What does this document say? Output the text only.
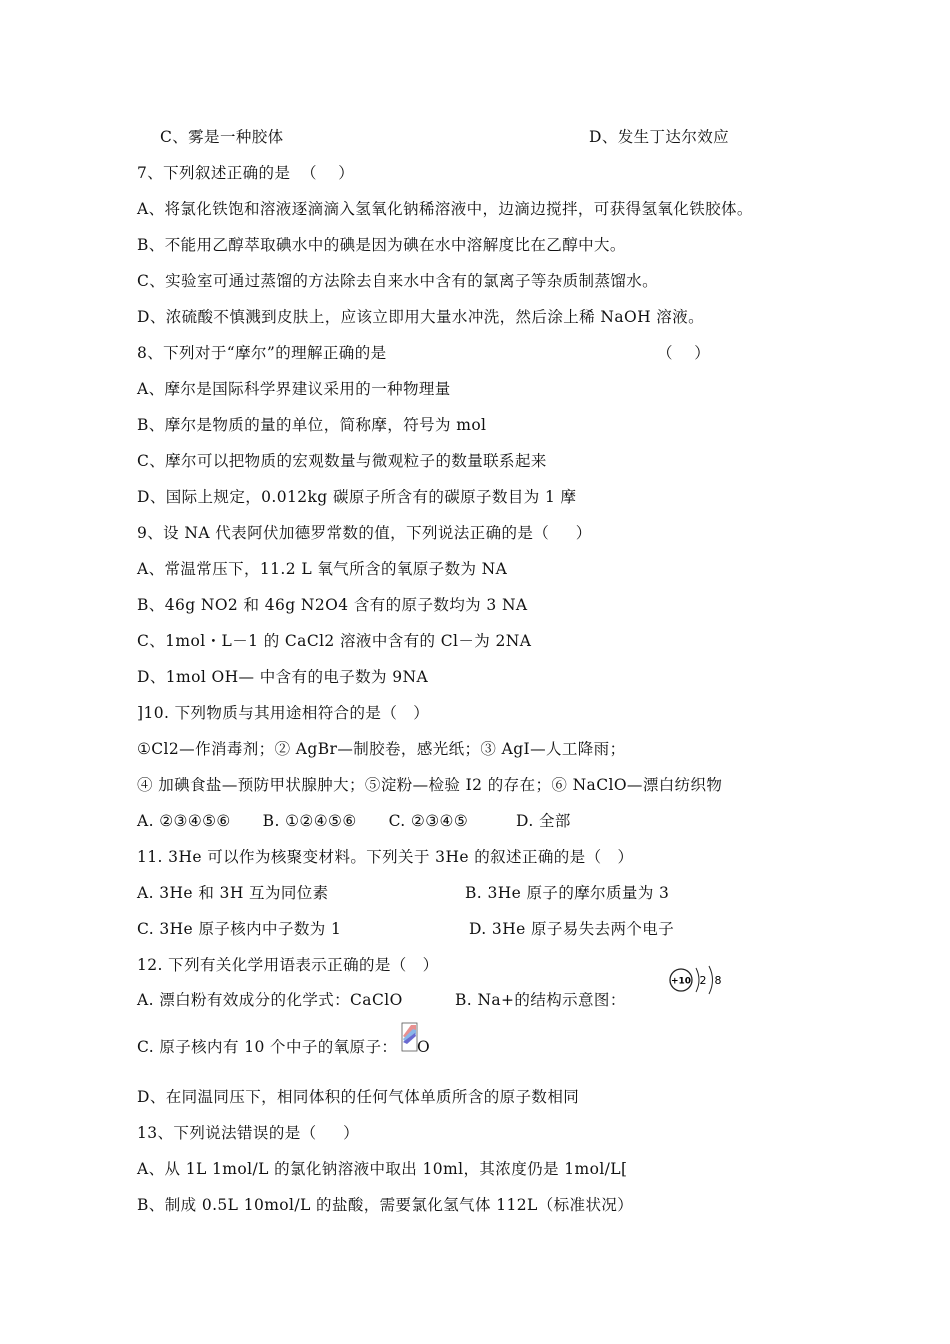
C、雾是一种胶体	D、发生丁达尔效应
7、下列叙述正确的是  （    ）
A、将氯化铁饱和溶液逐滴滴入氢氧化钠稀溶液中，边滴边搅拌，可获得氢氧化铁胶体。
B、不能用乙醇萃取碘水中的碘是因为碘在水中溶解度比在乙醇中大。
C、实验室可通过蒸馏的方法除去自来水中含有的氯离子等杂质制蒸馏水。
D、浓硫酸不慎溅到皮肤上，应该立即用大量水冲洗，然后涂上稀 NaOH 溶液。
8、下列对于“摩尔”的理解正确的是	（    ）
A、摩尔是国际科学界建议采用的一种物理量
B、摩尔是物质的量的单位，简称摩，符号为 mol
C、摩尔可以把物质的宏观数量与微观粒子的数量联系起来
D、国际上规定，0.012kg 碳原子所含有的碳原子数目为 1 摩
9、设 NA 代表阿伏加德罗常数的值，下列说法正确的是（     ）
A、常温常压下，11.2 L 氧气所含的氧原子数为 NA
B、46g NO2 和 46g N2O4 含有的原子数均为 3 NA
C、1mol・L－1 的 CaCl2 溶液中含有的 Cl－为 2NA
D、1mol OH— 中含有的电子数为 9NA
]10. 下列物质与其用途相符合的是（   ）
①Cl2—作消毒剂；② AgBr—制胶卷，感光纸；③ AgI—人工降雨；
④ 加碘食盐—预防甲状腺肿大；⑤淀粉—检验 I2 的存在；⑥ NaClO—漂白纺织物
A. ②③④⑤⑥      B. ①②④⑤⑥      C. ②③④⑤         D. 全部
11. 3He 可以作为核聚变材料。下列关于 3He 的叙述正确的是（   ）
A. 3He 和 3H 互为同位素	B. 3He 原子的摩尔质量为 3
C. 3He 原子核内中子数为 1	D. 3He 原子易失去两个电子
12. 下列有关化学用语表示正确的是（   ）
A. 漂白粉有效成分的化学式：CaClO	B. Na+的结构示意图：
+10 2 8
C. 原子核内有 10 个中子的氧原子： O
D、在同温同压下，相同体积的任何气体单质所含的原子数相同
13、下列说法错误的是（     ）
A、从 1L 1mol/L 的氯化钠溶液中取出 10ml，其浓度仍是 1mol/L[
B、制成 0.5L 10mol/L 的盐酸，需要氯化氢气体 112L（标准状况）
